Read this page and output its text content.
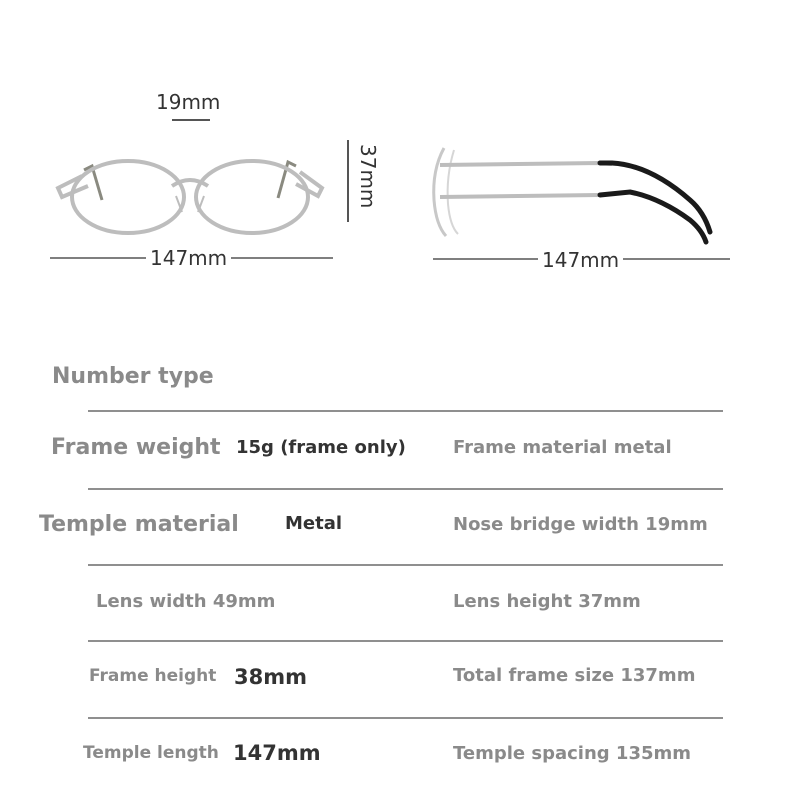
19mm
147mm
37mm
147mm
Number type
Frame weight 15g (frame only)	Frame material metal
Temple material	Metal	Nose bridge width 19mm
Lens width 49mm	Lens height 37mm
Frame height 38mm	Total frame size 137mm
Temple length 147mm	Temple spacing 135mm
